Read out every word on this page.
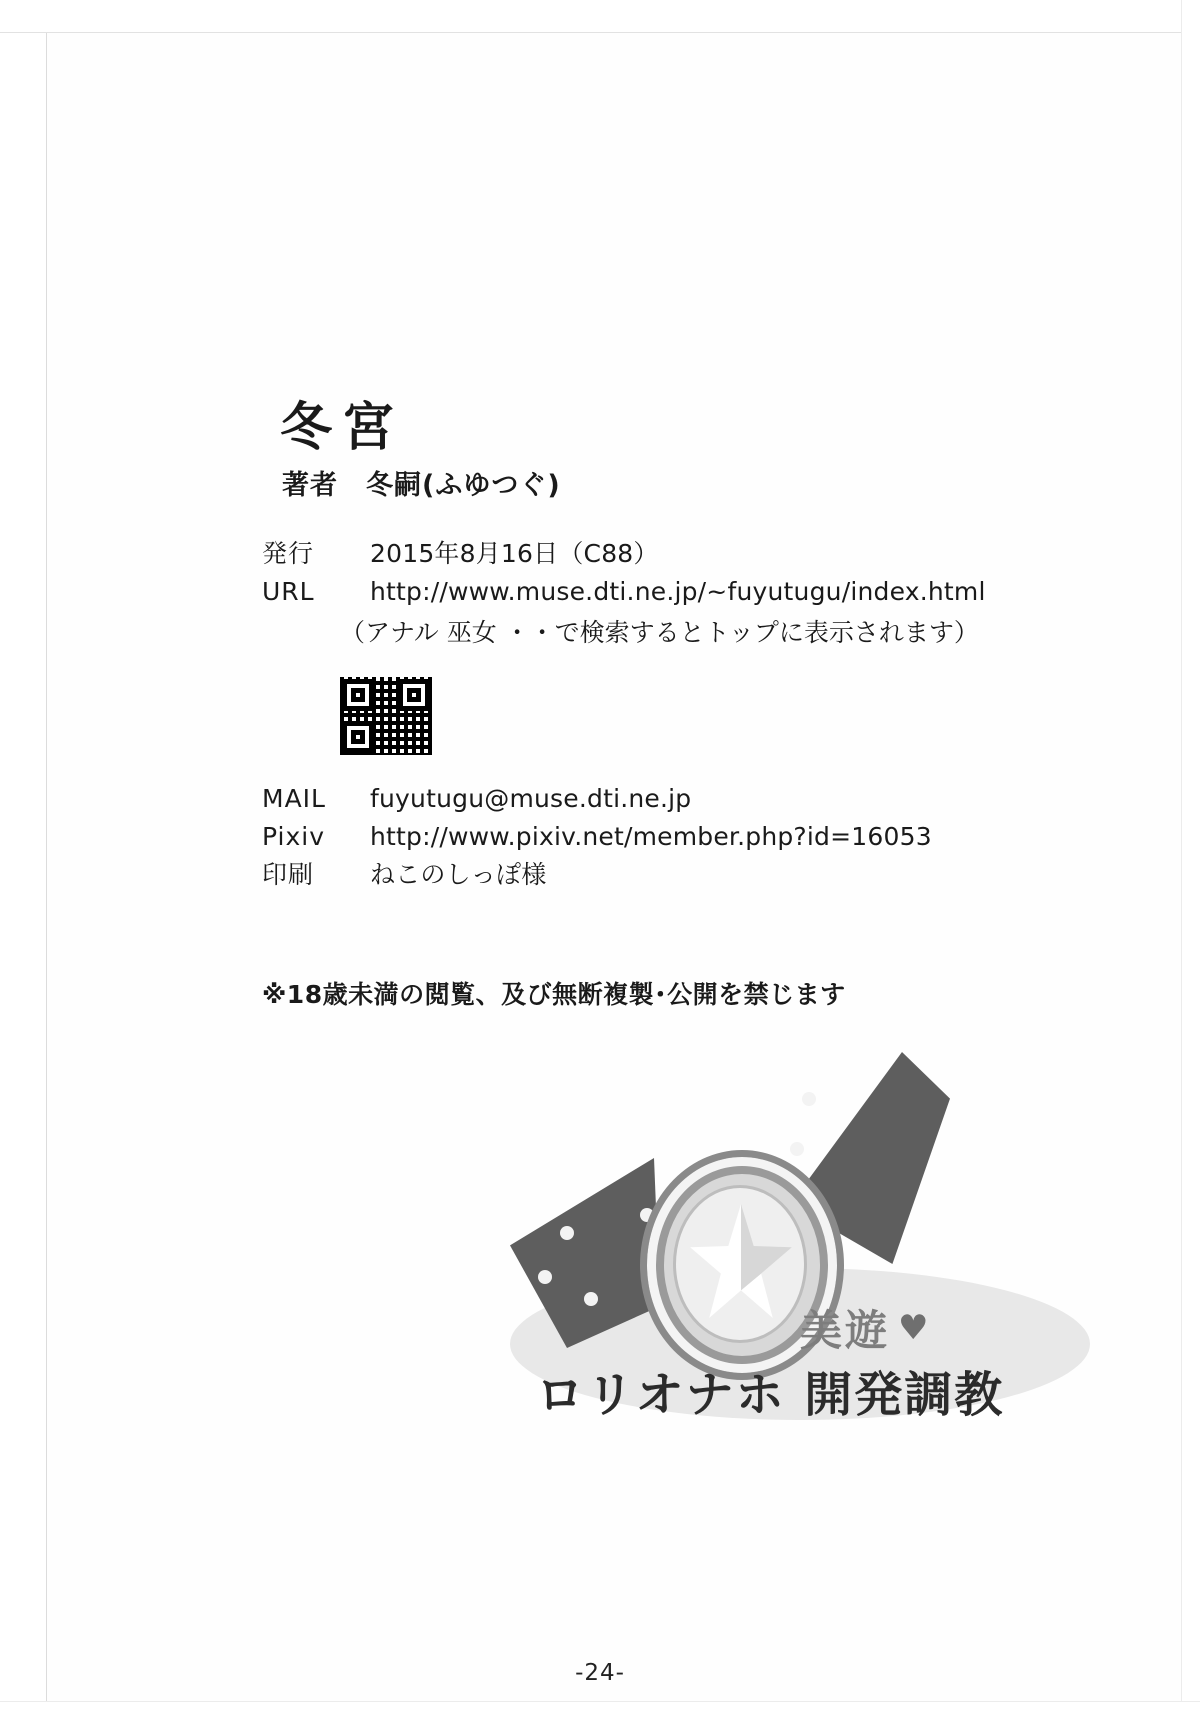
冬宮
著者　冬嗣(ふゆつぐ)
発行	2015年8月16日（C88）
URL	http://www.muse.dti.ne.jp/~fuyutugu/index.html
（アナル 巫女 ・・で検索するとトップに表示されます）
MAIL	fuyutugu@muse.dti.ne.jp
Pixiv	http://www.pixiv.net/member.php?id=16053
印刷	ねこのしっぽ様
※18歳未満の閲覧、及び無断複製･公開を禁じます
美遊 ♥
ロリオナホ 開発調教
-24-
